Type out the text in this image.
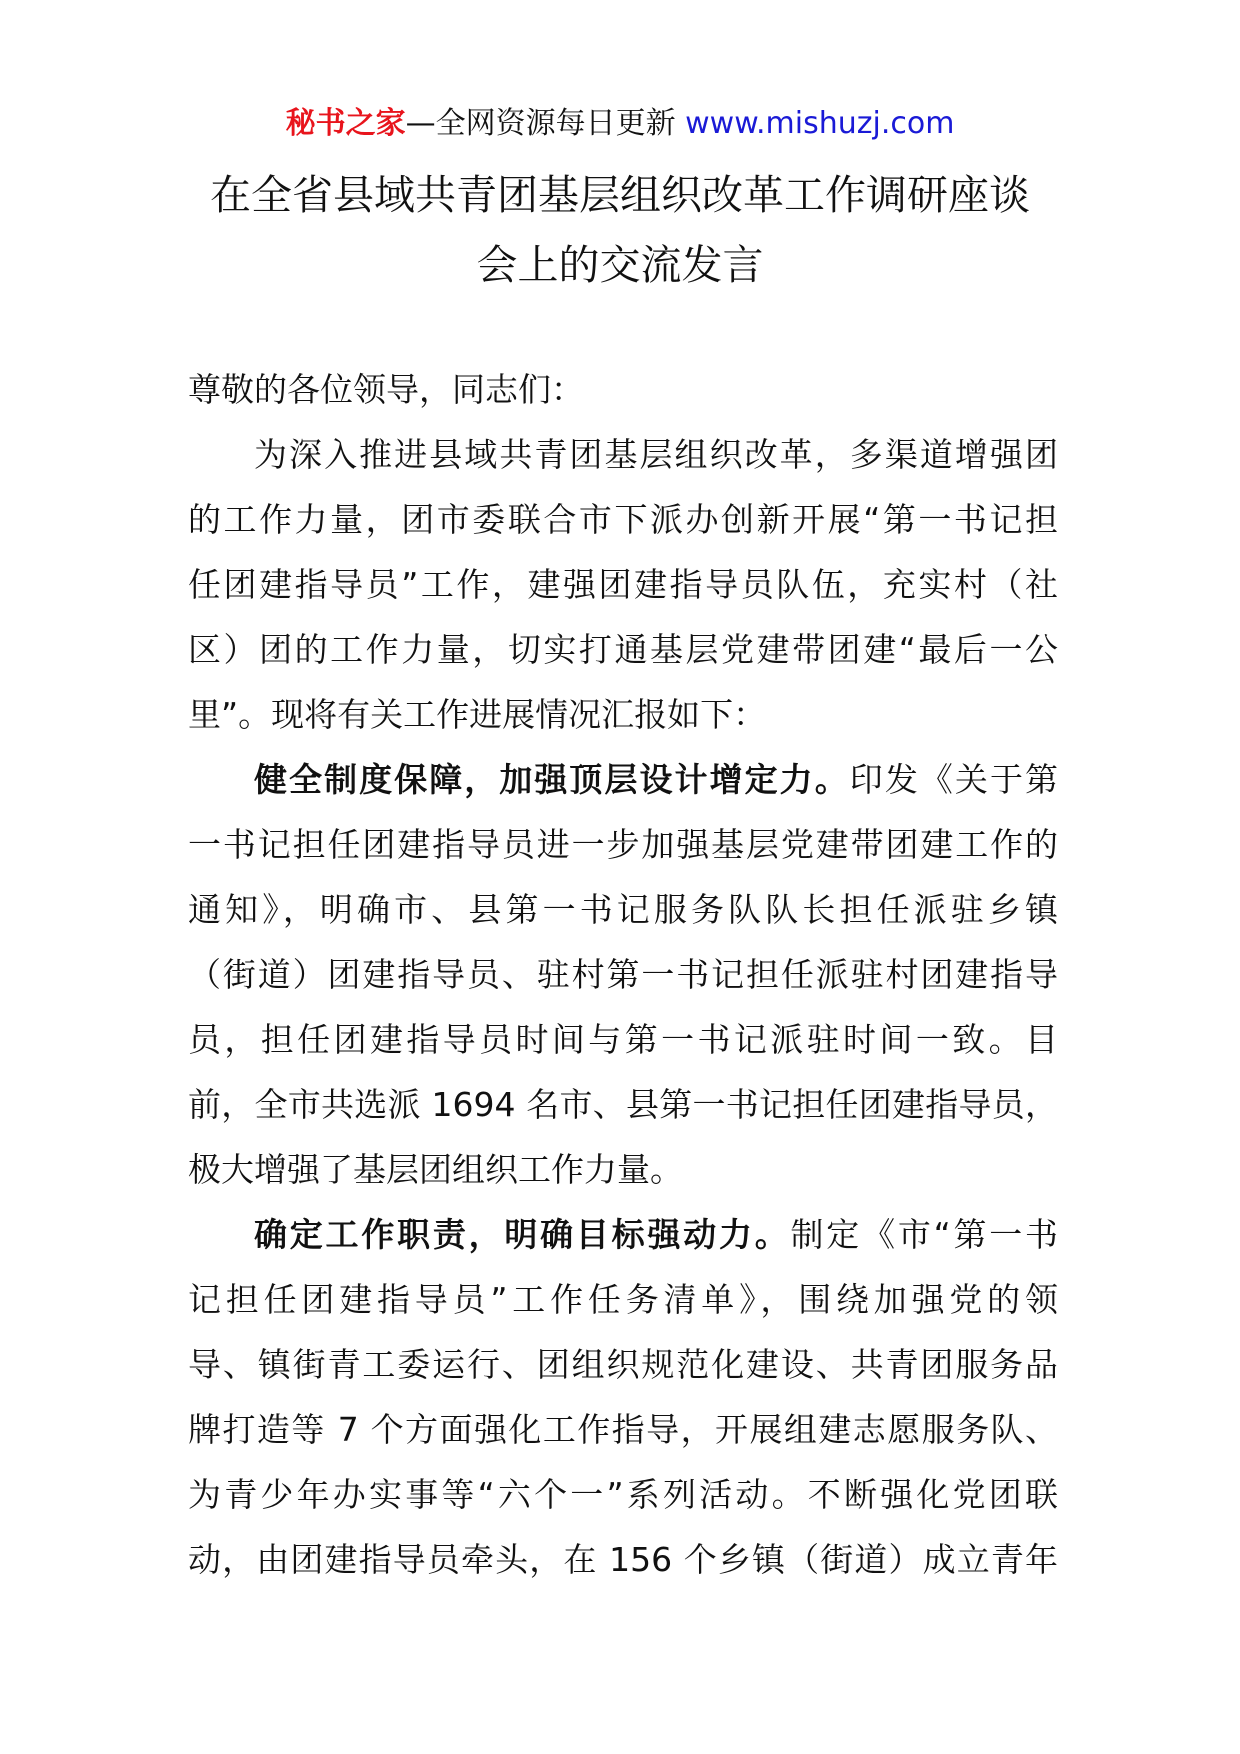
秘书之家—全网资源每日更新 www.mishuzj.com
在全省县域共青团基层组织改革工作调研座谈
会上的交流发言

尊敬的各位领导，同志们：

为深入推进县域共青团基层组织改革，多渠道增强团
的工作力量，团市委联合市下派办创新开展“第一书记担
任团建指导员”工作，建强团建指导员队伍，充实村（社
区）团的工作力量，切实打通基层党建带团建“最后一公
里”。现将有关工作进展情况汇报如下：

健全制度保障，加强顶层设计增定力。印发《关于第
一书记担任团建指导员进一步加强基层党建带团建工作的
通知》，明确市、县第一书记服务队队长担任派驻乡镇
（街道）团建指导员、驻村第一书记担任派驻村团建指导
员，担任团建指导员时间与第一书记派驻时间一致。目
前，全市共选派 1694 名市、县第一书记担任团建指导员，
极大增强了基层团组织工作力量。

确定工作职责，明确目标强动力。制定《市“第一书
记担任团建指导员”工作任务清单》，围绕加强党的领
导、镇街青工委运行、团组织规范化建设、共青团服务品
牌打造等 7 个方面强化工作指导，开展组建志愿服务队、
为青少年办实事等“六个一”系列活动。不断强化党团联
动，由团建指导员牵头，在 156 个乡镇（街道）成立青年
